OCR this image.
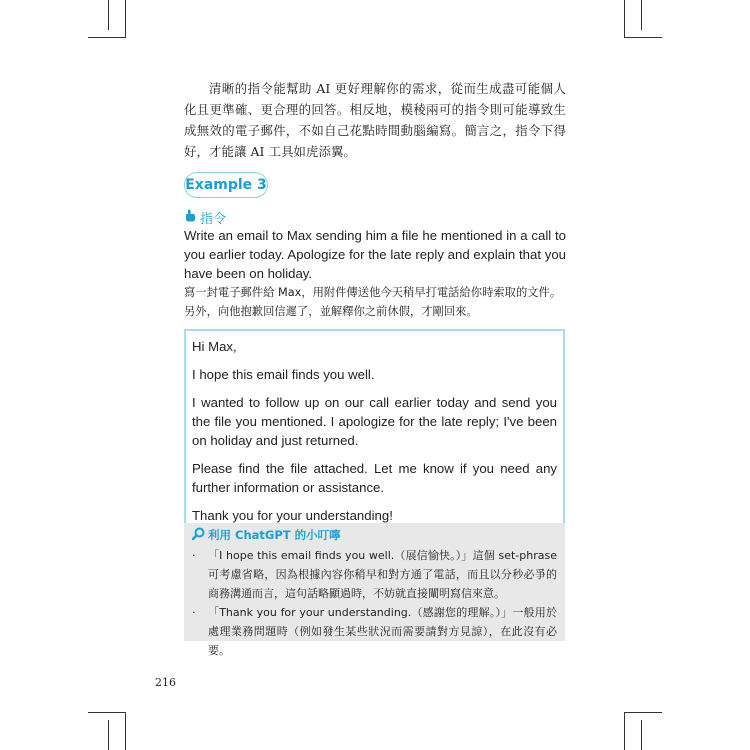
清晰的指令能幫助 AI 更好理解你的需求，從而生成盡可能個人化且更準確、更合理的回答。相反地，模稜兩可的指令則可能導致生成無效的電子郵件，不如自己花點時間動腦編寫。簡言之，指令下得好，才能讓 AI 工具如虎添翼。

Example 3
指令
Write an email to Max sending him a file he mentioned in a call to you earlier today. Apologize for the late reply and explain that you have been on holiday.
寫一封電子郵件給 Max，用附件傳送他今天稍早打電話給你時索取的文件。另外，向他抱歉回信遲了，並解釋你之前休假，才剛回來。

Hi Max,

I hope this email finds you well.

I wanted to follow up on our call earlier today and send you the file you mentioned. I apologize for the late reply; I've been on holiday and just returned.

Please find the file attached. Let me know if you need any further information or assistance.

Thank you for your understanding!

利用 ChatGPT 的小叮嚀
‧ 「I hope this email finds you well.（展信愉快。）」這個 set-phrase 可考慮省略，因為根據內容你稍早和對方通了電話，而且以分秒必爭的商務溝通而言，這句話略顯過時，不妨就直接闡明寫信來意。
‧ 「Thank you for your understanding.（感謝您的理解。）」一般用於處理業務問題時（例如發生某些狀況而需要請對方見諒），在此沒有必要。
216
